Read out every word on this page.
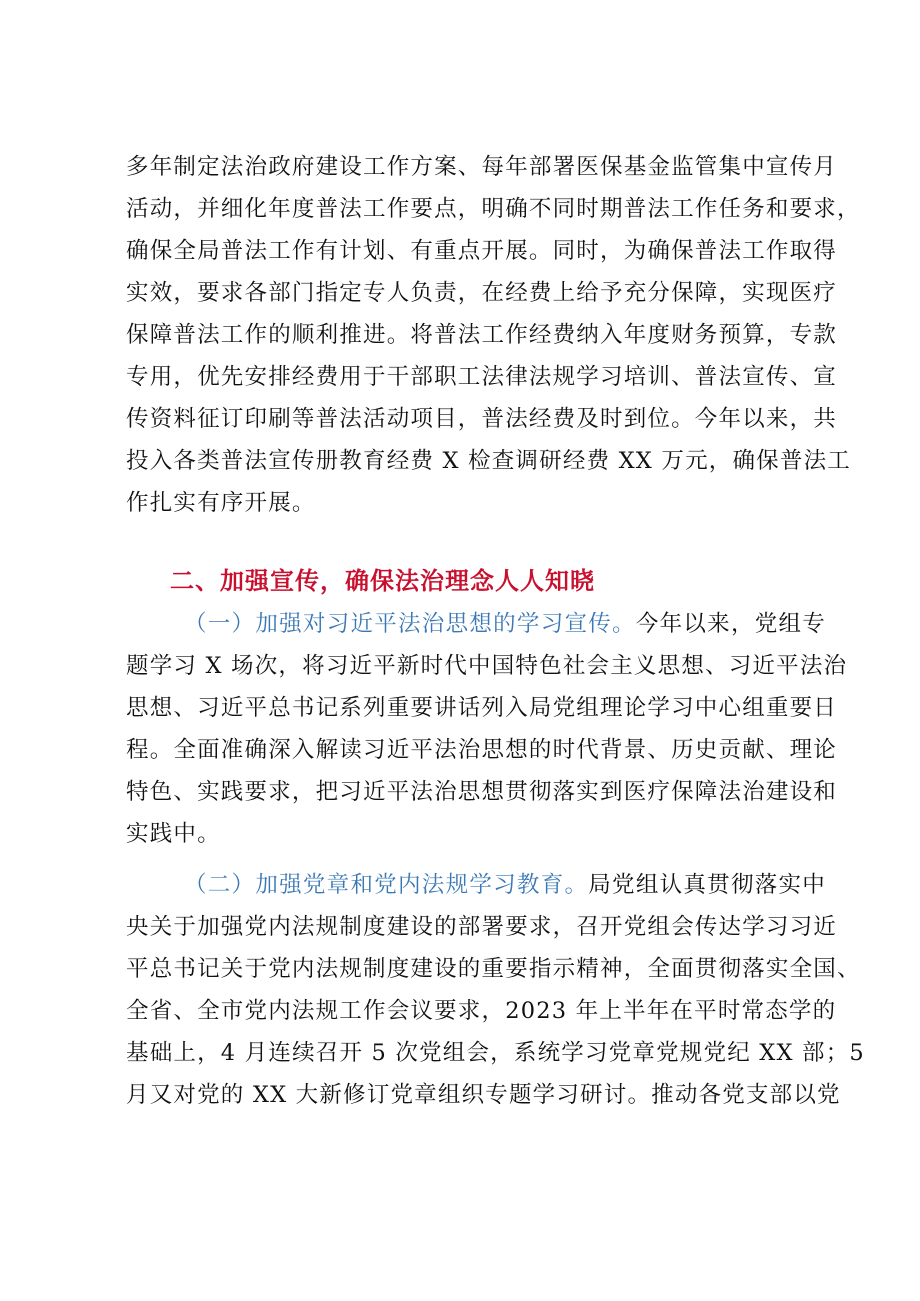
多年制定法治政府建设工作方案、每年部署医保基金监管集中宣传月
活动，并细化年度普法工作要点，明确不同时期普法工作任务和要求，
确保全局普法工作有计划、有重点开展。同时，为确保普法工作取得
实效，要求各部门指定专人负责，在经费上给予充分保障，实现医疗
保障普法工作的顺利推进。将普法工作经费纳入年度财务预算，专款
专用，优先安排经费用于干部职工法律法规学习培训、普法宣传、宣
传资料征订印刷等普法活动项目，普法经费及时到位。今年以来，共
投入各类普法宣传册教育经费 X 检查调研经费 XX 万元，确保普法工
作扎实有序开展。
二、加强宣传，确保法治理念人人知晓
（一）加强对习近平法治思想的学习宣传。今年以来，党组专
题学习 X 场次，将习近平新时代中国特色社会主义思想、习近平法治
思想、习近平总书记系列重要讲话列入局党组理论学习中心组重要日
程。全面准确深入解读习近平法治思想的时代背景、历史贡献、理论
特色、实践要求，把习近平法治思想贯彻落实到医疗保障法治建设和
实践中。
（二）加强党章和党内法规学习教育。局党组认真贯彻落实中
央关于加强党内法规制度建设的部署要求，召开党组会传达学习习近
平总书记关于党内法规制度建设的重要指示精神，全面贯彻落实全国、
全省、全市党内法规工作会议要求，2023 年上半年在平时常态学的
基础上，4 月连续召开 5 次党组会，系统学习党章党规党纪 XX 部；5
月又对党的 XX 大新修订党章组织专题学习研讨。推动各党支部以党
